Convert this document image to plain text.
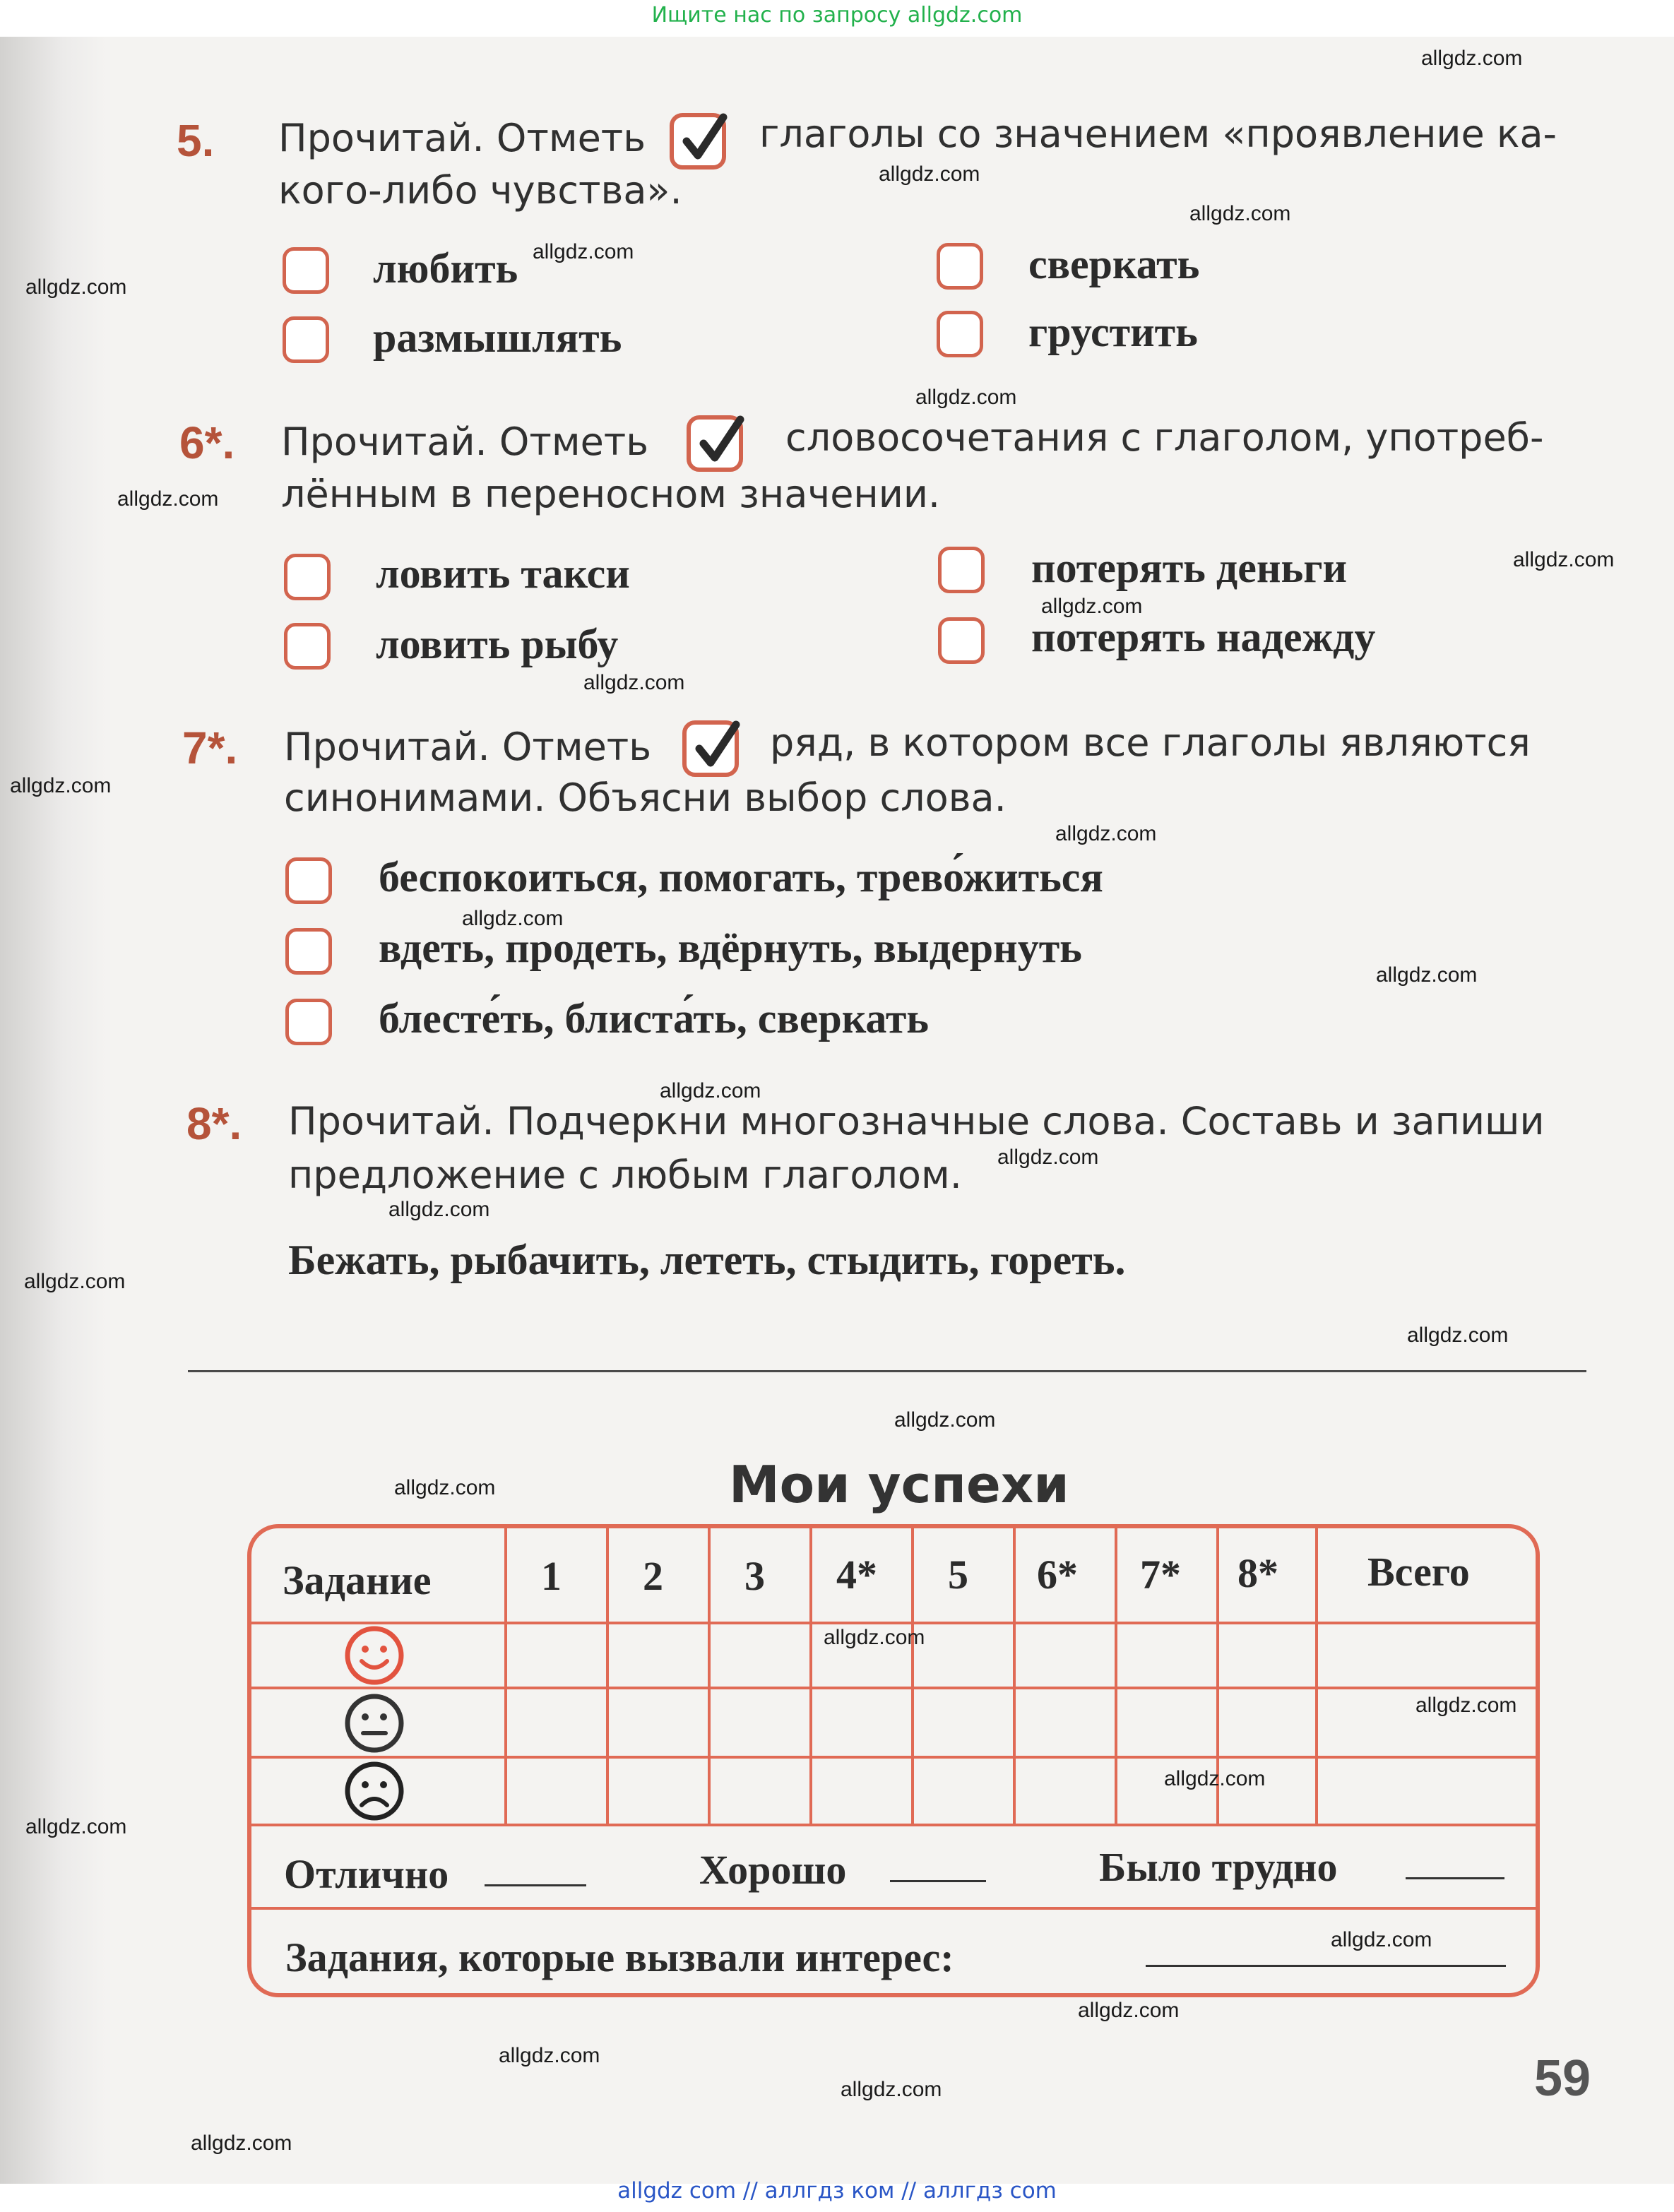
Ищите нас по запросу allgdz.com
5. Прочитай. Отметь	глаголы со значением «проявление ка-
кого-либо чувства».
любить	сверкать
размышлять	грустить
6*. Прочитай. Отметь	словосочетания с глаголом, употреб-
лённым в переносном значении.
ловить такси	потерять деньги
ловить рыбу	потерять надежду
7*. Прочитай. Отметь	ряд, в котором все глаголы являются
синонимами. Объясни выбор слова.
беспокоиться, помогать, трево́житься
вдеть, продеть, вдёрнуть, выдернуть
блесте́ть, блиста́ть, сверкать
8*. Прочитай. Подчеркни многозначные слова. Составь и запиши
предложение с любым глаголом.
Бежать, рыбачить, лететь, стыдить, гореть.
Мои успехи
Задание	1 2 3 4* 5 6* 7* 8* Всего
Отлично	Хорошо	Было трудно
Задания, которые вызвали интерес:
59
allgdz.com
allgdz.com
allgdz.com
allgdz.com
allgdz.com
allgdz.com
allgdz.com
allgdz.com
allgdz.com
allgdz.com
allgdz.com
allgdz.com
allgdz.com
allgdz.com
allgdz.com
allgdz.com
allgdz.com
allgdz.com
allgdz.com
allgdz.com
allgdz.com
allgdz.com
allgdz.com
allgdz.com
allgdz.com
allgdz.com
allgdz.com
allgdz.com
allgdz.com
allgdz.com
allgdz com // аллгдз ком // аллгдз com
